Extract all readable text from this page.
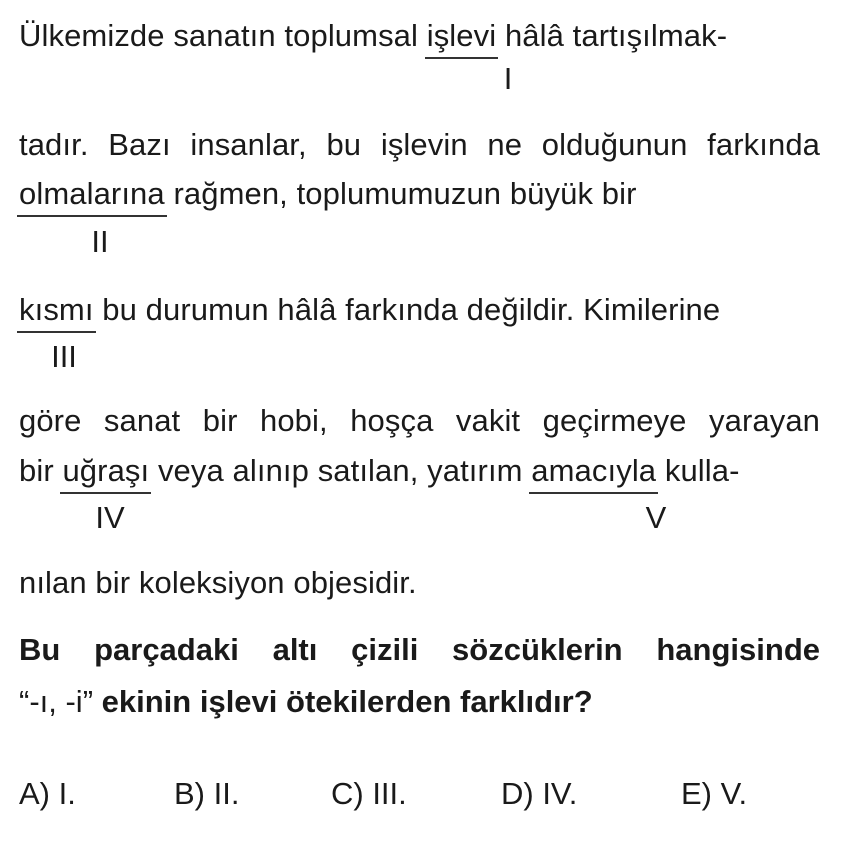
Ülkemizde sanatın toplumsal işlevi hâlâ tartışılmak-
I
tadır. Bazı insanlar, bu işlevin ne olduğunun farkında
olmalarına rağmen, toplumumuzun büyük bir
II
kısmı bu durumun hâlâ farkında değildir. Kimilerine
III
göre sanat bir hobi, hoşça vakit geçirmeye yarayan
bir uğraşı veya alınıp satılan, yatırım amacıyla kulla-
IV	V
nılan bir koleksiyon objesidir.
Bu parçadaki altı çizili sözcüklerin hangisinde
“-ı, -i” ekinin işlevi ötekilerden farklıdır?
A) I.	B) II.	C) III.	D) IV.	E) V.
